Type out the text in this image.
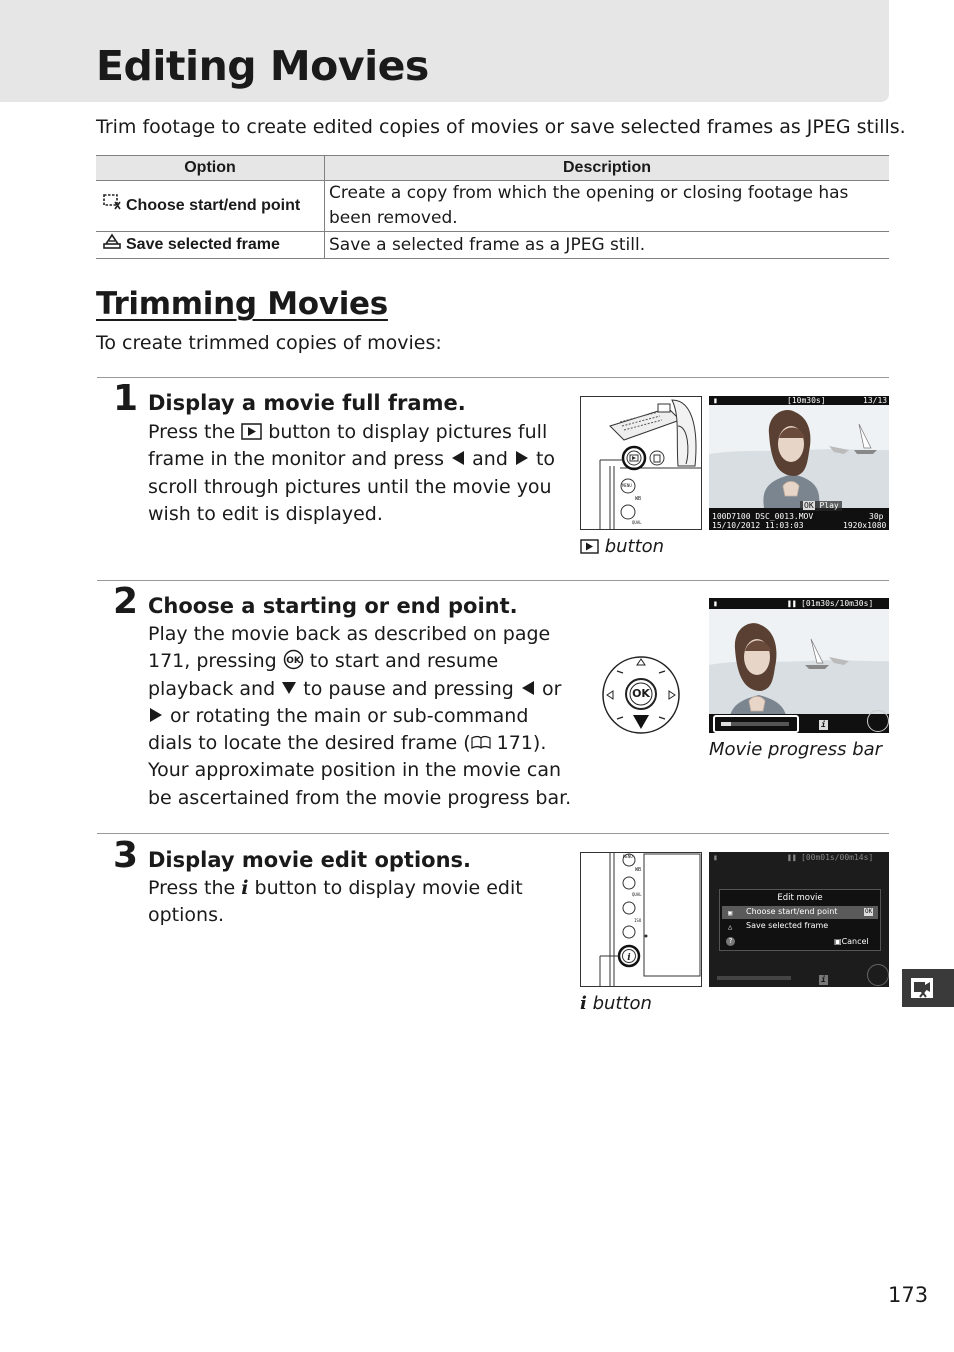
Editing Movies
Trim footage to create edited copies of movies or save selected frames as JPEG stills.
Option	Description
Choose start/end point	Create a copy from which the opening or closing footage has been removed.
Save selected frame	Save a selected frame as a JPEG still.
Trimming Movies
To create trimmed copies of movies:
1 Display a movie full frame.
Press the  button to display pictures full frame in the monitor and press  and  to scroll through pictures until the movie you wish to edit is displayed.
MENU
WB
QUAL
button
▮	[10m30s]	13/13
OK Play
100D7100 DSC_0013.MOV
15/10/2012 11:03:03
30p
1920x1080
2 Choose a starting or end point.
Play the movie back as described on page 171, pressing OK to start and resume playback and  to pause and pressing  or  or rotating the main or sub-command dials to locate the desired frame ( 171). Your approximate position in the movie can be ascertained from the movie progress bar.
OK
▮	❚❚ [01m30s/10m30s]
i
Movie progress bar
3 Display movie edit options.
Press the i button to display movie edit options.
i
MENU
WB
QUAL
ISO
i button
▮	❚❚ [00m01s/00m14s]
Edit movie
▣ Choose start/end point	OK
△ Save selected frame
?	▣Cancel
i
173
